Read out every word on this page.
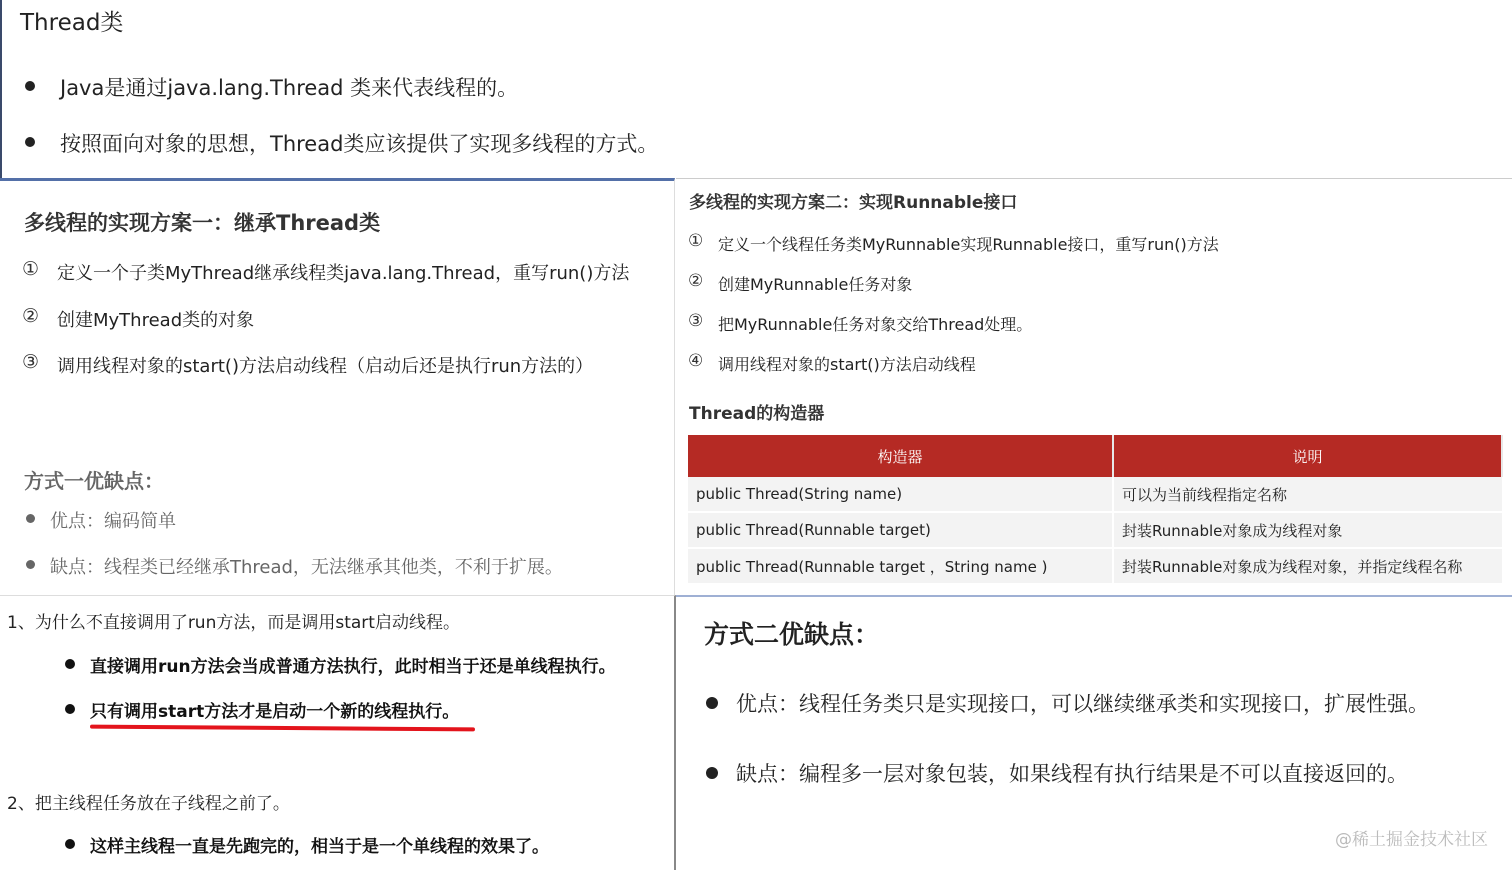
Thread类
Java是通过java.lang.Thread 类来代表线程的。
按照面向对象的思想，Thread类应该提供了实现多线程的方式。
多线程的实现方案一：继承Thread类
① 定义一个子类MyThread继承线程类java.lang.Thread，重写run()方法
② 创建MyThread类的对象
③ 调用线程对象的start()方法启动线程（启动后还是执行run方法的）
方式一优缺点：
优点：编码简单
缺点：线程类已经继承Thread，无法继承其他类，不利于扩展。
多线程的实现方案二：实现Runnable接口
① 定义一个线程任务类MyRunnable实现Runnable接口，重写run()方法
② 创建MyRunnable任务对象
③ 把MyRunnable任务对象交给Thread处理。
④ 调用线程对象的start()方法启动线程
Thread的构造器
构造器	说明
public Thread(String name)	可以为当前线程指定名称
public Thread(Runnable target)	封装Runnable对象成为线程对象
public Thread(Runnable target ，String name )	封装Runnable对象成为线程对象，并指定线程名称
1、为什么不直接调用了run方法，而是调用start启动线程。
直接调用run方法会当成普通方法执行，此时相当于还是单线程执行。
只有调用start方法才是启动一个新的线程执行。
2、把主线程任务放在子线程之前了。
这样主线程一直是先跑完的，相当于是一个单线程的效果了。
方式二优缺点：
优点：线程任务类只是实现接口，可以继续继承类和实现接口，扩展性强。
缺点：编程多一层对象包装，如果线程有执行结果是不可以直接返回的。
@稀土掘金技术社区
